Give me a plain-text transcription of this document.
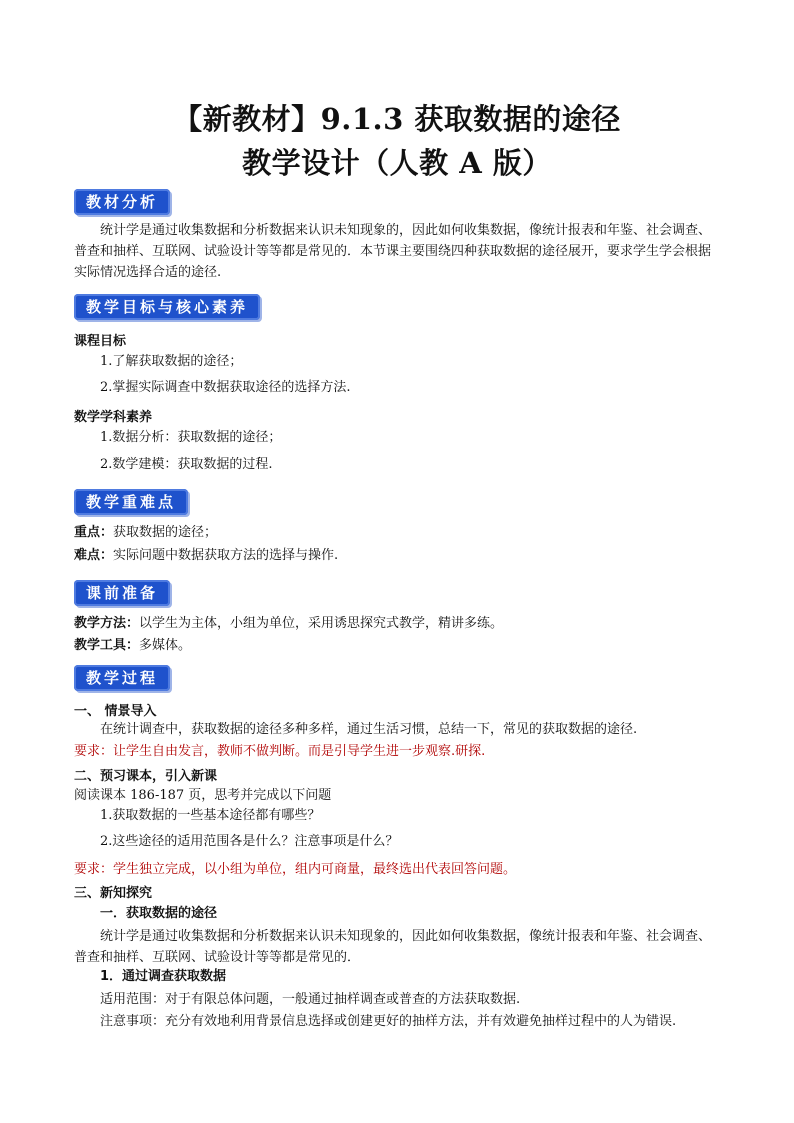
【新教材】9.1.3 获取数据的途径
教学设计（人教 A 版）
教材分析
统计学是通过收集数据和分析数据来认识未知现象的，因此如何收集数据，像统计报表和年鉴、社会调查、普查和抽样、互联网、试验设计等等都是常见的．本节课主要围绕四种获取数据的途径展开，要求学生学会根据实际情况选择合适的途径.
教学目标与核心素养
课程目标
1.了解获取数据的途径；
2.掌握实际调查中数据获取途径的选择方法.
数学学科素养
1.数据分析：获取数据的途径；
2.数学建模：获取数据的过程.
教学重难点
重点：获取数据的途径；
难点：实际问题中数据获取方法的选择与操作.
课前准备
教学方法：以学生为主体，小组为单位，采用诱思探究式教学，精讲多练。
教学工具：多媒体。
教学过程
一、 情景导入
在统计调查中，获取数据的途径多种多样，通过生活习惯，总结一下，常见的获取数据的途径.
要求：让学生自由发言，教师不做判断。而是引导学生进一步观察.研探.
二、预习课本，引入新课
阅读课本 186-187 页，思考并完成以下问题
1.获取数据的一些基本途径都有哪些？
2.这些途径的适用范围各是什么？注意事项是什么？
要求：学生独立完成，以小组为单位，组内可商量，最终选出代表回答问题。
三、新知探究
一．获取数据的途径
统计学是通过收集数据和分析数据来认识未知现象的，因此如何收集数据，像统计报表和年鉴、社会调查、普查和抽样、互联网、试验设计等等都是常见的．
1．通过调查获取数据
适用范围：对于有限总体问题，一般通过抽样调查或普查的方法获取数据.
注意事项：充分有效地利用背景信息选择或创建更好的抽样方法，并有效避免抽样过程中的人为错误.
